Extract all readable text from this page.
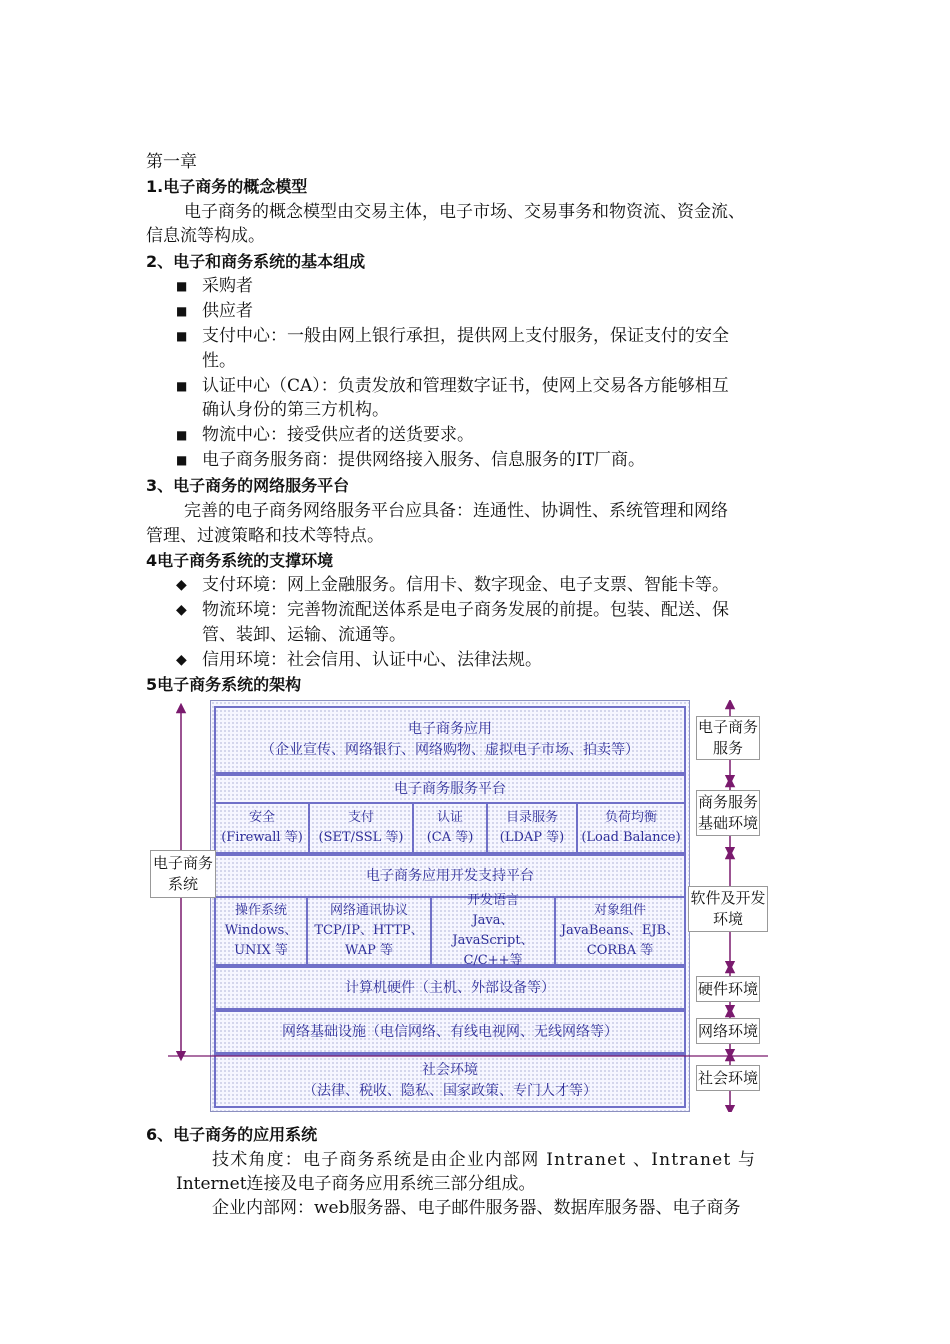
第一章
1.电子商务的概念模型
电子商务的概念模型由交易主体，电子市场、交易事务和物资流、资金流、
信息流等构成。
2、电子和商务系统的基本组成
■ 采购者
■ 供应者
■ 支付中心：一般由网上银行承担，提供网上支付服务，保证支付的安全
性。
■ 认证中心（CA）：负责发放和管理数字证书，使网上交易各方能够相互
确认身份的第三方机构。
■ 物流中心：接受供应者的送货要求。
■ 电子商务服务商：提供网络接入服务、信息服务的IT厂商。
3、电子商务的网络服务平台
完善的电子商务网络服务平台应具备：连通性、协调性、系统管理和网络
管理、过渡策略和技术等特点。
4电子商务系统的支撑环境
◆ 支付环境：网上金融服务。信用卡、数字现金、电子支票、智能卡等。
◆ 物流环境：完善物流配送体系是电子商务发展的前提。包装、配送、保
管、装卸、运输、流通等。
◆ 信用环境：社会信用、认证中心、法律法规。
5电子商务系统的架构
电子商务应用
（企业宣传、网络银行、网络购物、虚拟电子市场、拍卖等）
电子商务服务平台
安全
(Firewall 等)
支付
(SET/SSL 等)
认证
(CA 等)
目录服务
(LDAP 等)
负荷均衡
(Load Balance)
电子商务应用开发支持平台
操作系统
Windows、
UNIX 等
网络通讯协议
TCP/IP、HTTP、
WAP 等
开发语言
Java、JavaScript、
C/C++等
对象组件
JavaBeans、EJB、
CORBA 等
计算机硬件（主机、外部设备等）
网络基础设施（电信网络、有线电视网、无线网络等）
社会环境
（法律、税收、隐私、国家政策、专门人才等）
电子商务
系统
电子商务
服务
商务服务
基础环境
软件及开发
环境
硬件环境
网络环境
社会环境
6、电子商务的应用系统
技术角度：电子商务系统是由企业内部网 Intranet 、Intranet 与
Internet连接及电子商务应用系统三部分组成。
企业内部网：web服务器、电子邮件服务器、数据库服务器、电子商务
